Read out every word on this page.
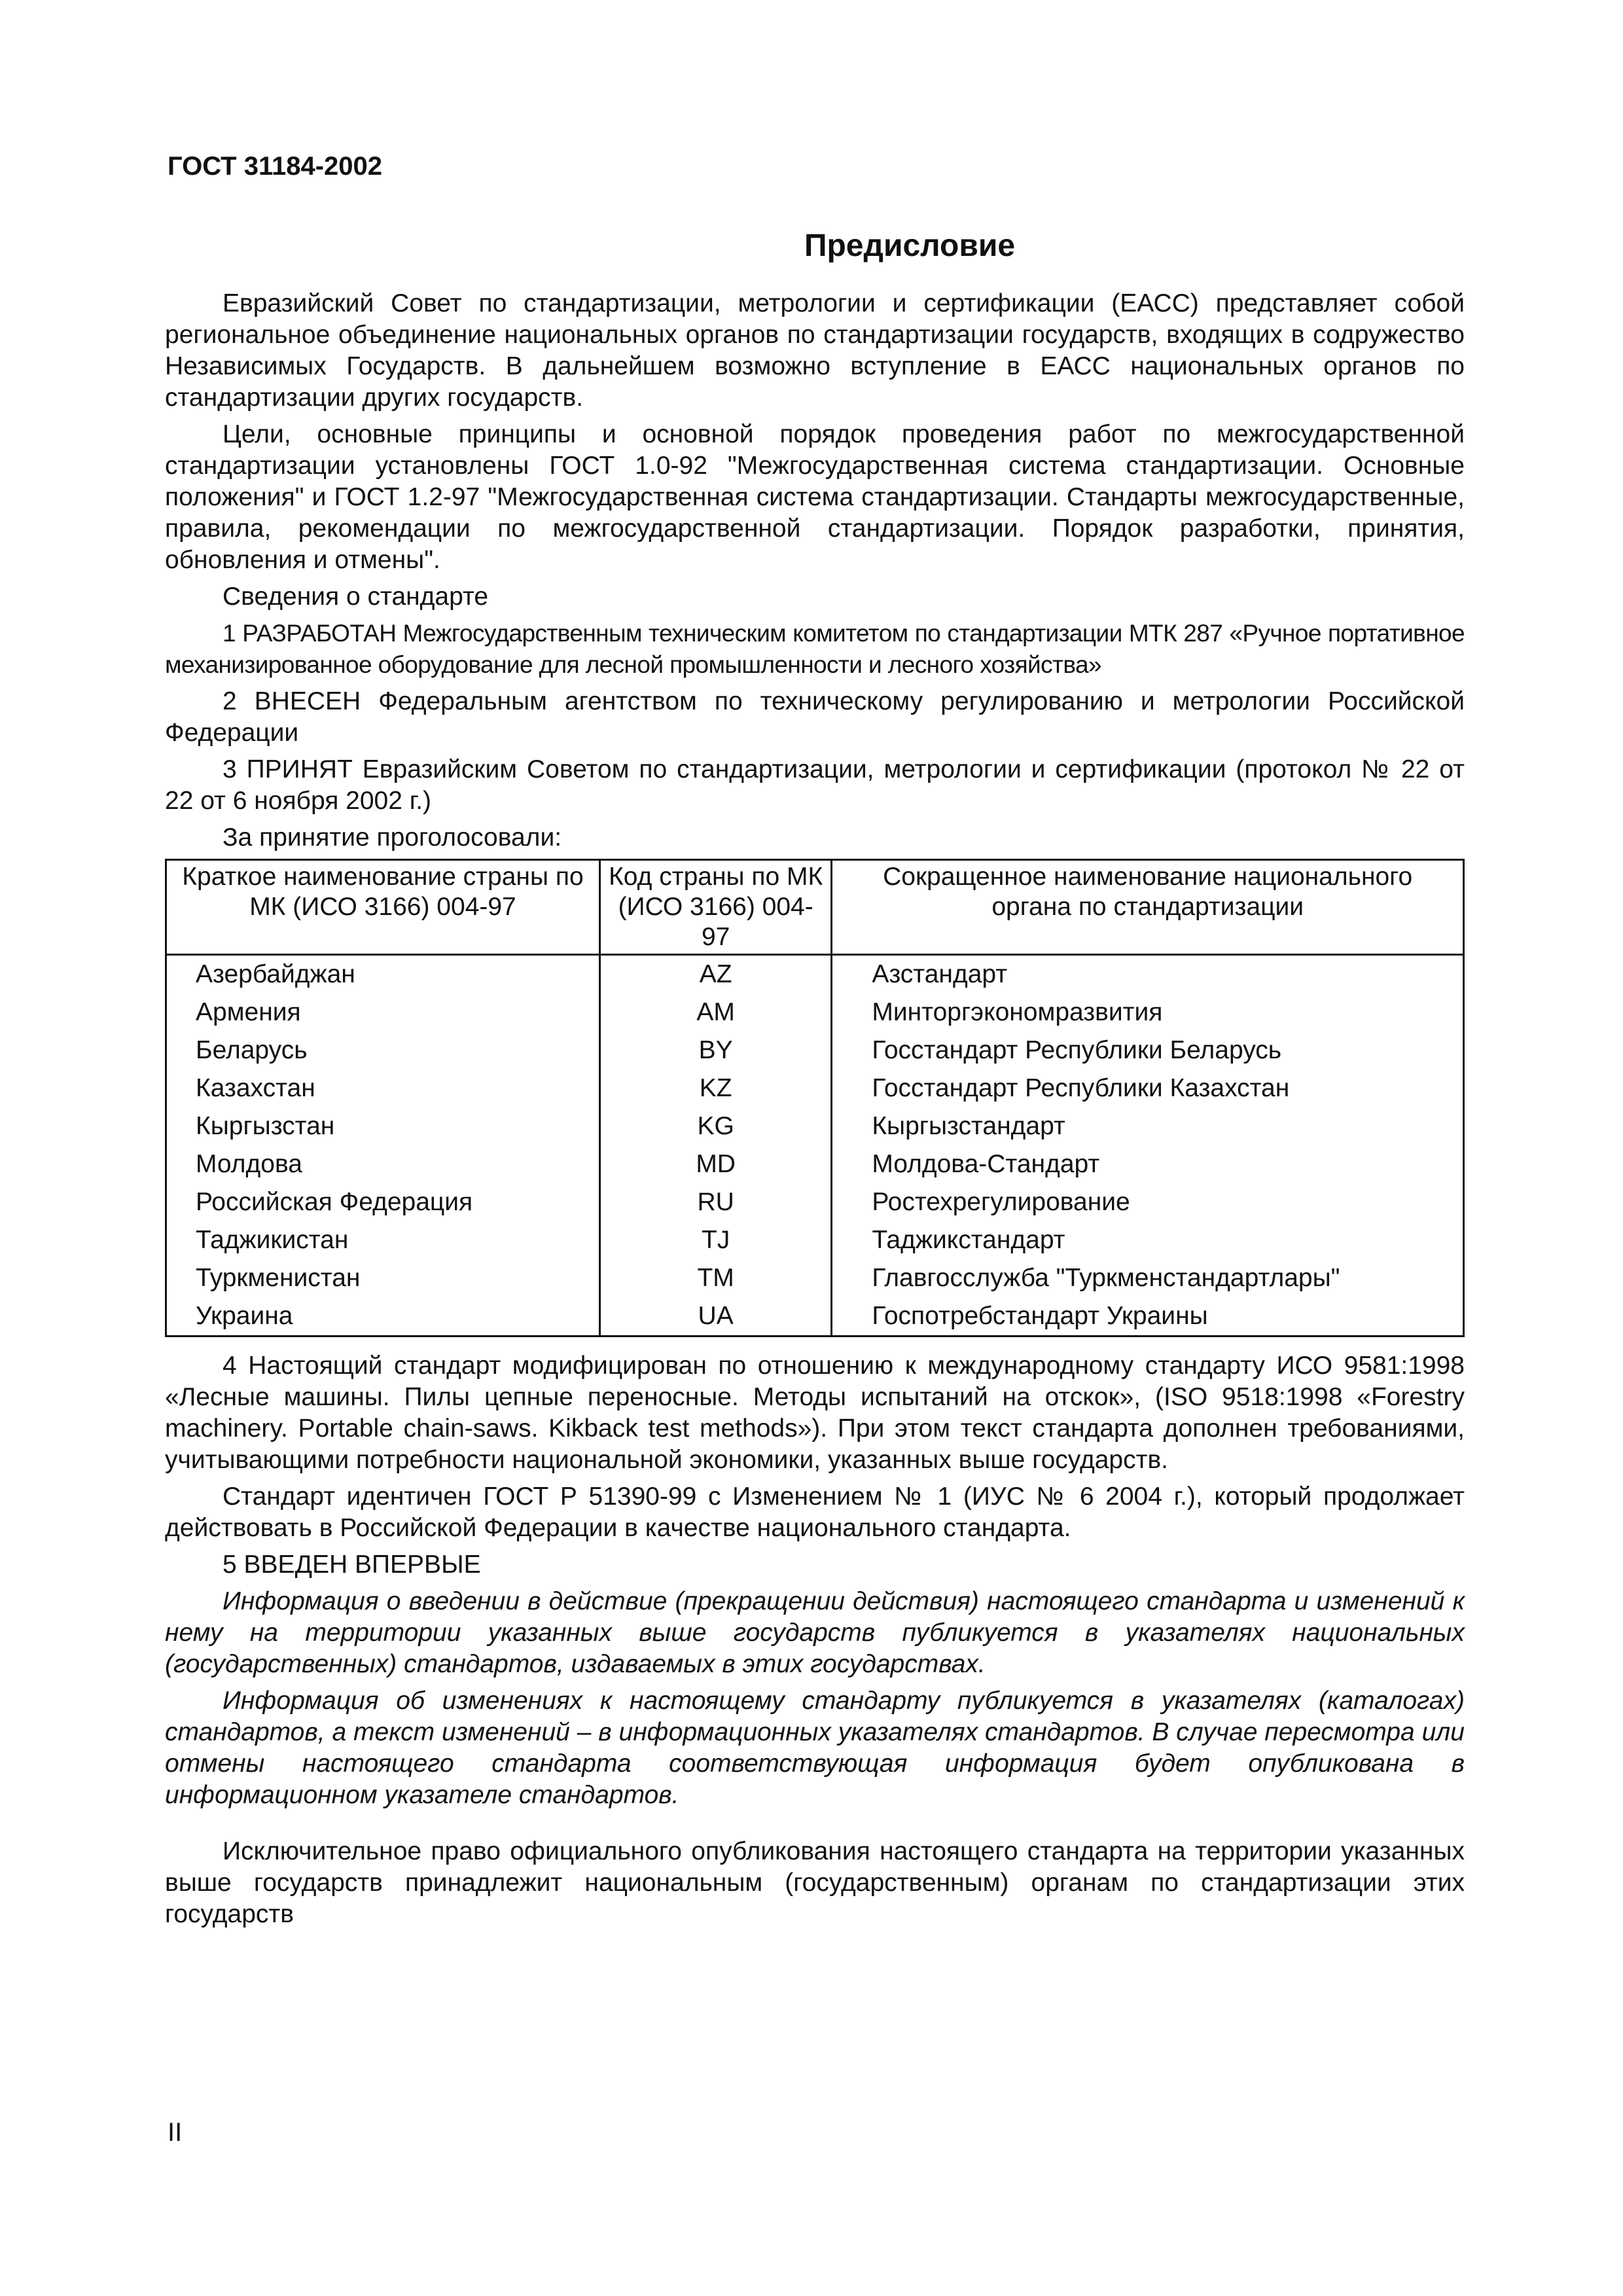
ГОСТ 31184-2002
Предисловие

Евразийский Совет по стандартизации, метрологии и сертификации (ЕАСС) представляет собой региональное объединение национальных органов по стандартизации государств, входящих в содружество Независимых Государств. В дальнейшем возможно вступление в ЕАСС национальных органов по стандартизации других государств.

Цели, основные принципы и основной порядок проведения работ по межгосударственной стандартизации установлены ГОСТ 1.0-92 "Межгосударственная система стандартизации. Основные положения" и ГОСТ 1.2-97 "Межгосударственная система стандартизации. Стандарты межгосударственные, правила, рекомендации по межгосударственной стандартизации. Порядок разработки, принятия, обновления и отмены".

Сведения о стандарте

1 РАЗРАБОТАН Межгосударственным техническим комитетом по стандартизации МТК 287 «Ручное портативное механизированное оборудование для лесной промышленности и лесного хозяйства»

2 ВНЕСЕН Федеральным агентством по техническому регулированию и метрологии Российской Федерации

3 ПРИНЯТ Евразийским Советом по стандартизации, метрологии и сертификации (протокол № 22 от 22 от 6 ноября 2002 г.)

За принятие проголосовали:

Краткое наименование страны по МК (ИСО 3166) 004-97	Код страны по МК (ИСО 3166) 004-97	Сокращенное наименование национального органа по стандартизации
Азербайджан	AZ	Азстандарт
Армения	AM	Минторгэкономразвития
Беларусь	BY	Госстандарт Республики Беларусь
Казахстан	KZ	Госстандарт Республики Казахстан
Кыргызстан	KG	Кыргызстандарт
Молдова	MD	Молдова-Стандарт
Российская Федерация	RU	Ростехрегулирование
Таджикистан	TJ	Таджикстандарт
Туркменистан	TM	Главгосслужба "Туркменстандартлары"
Украина	UA	Госпотребстандарт Украины

4 Настоящий стандарт модифицирован по отношению к международному стандарту ИСО 9581:1998 «Лесные машины. Пилы цепные переносные. Методы испытаний на отскок», (ISO 9518:1998 «Forestry machinery. Portable chain-saws. Kikback test methods»). При этом текст стандарта дополнен требованиями, учитывающими потребности национальной экономики, указанных выше государств.

Стандарт идентичен ГОСТ Р 51390-99 с Изменением № 1 (ИУС № 6 2004 г.), который продолжает действовать в Российской Федерации в качестве национального стандарта.

5 ВВЕДЕН ВПЕРВЫЕ

Информация о введении в действие (прекращении действия) настоящего стандарта и изменений к нему на территории указанных выше государств публикуется в указателях национальных (государственных) стандартов, издаваемых в этих государствах.

Информация об изменениях к настоящему стандарту публикуется в указателях (каталогах) стандартов, а текст изменений – в информационных указателях стандартов. В случае пересмотра или отмены настоящего стандарта соответствующая информация будет опубликована в информационном указателе стандартов.

Исключительное право официального опубликования настоящего стандарта на территории указанных выше государств принадлежит национальным (государственным) органам по стандартизации этих государств

II
